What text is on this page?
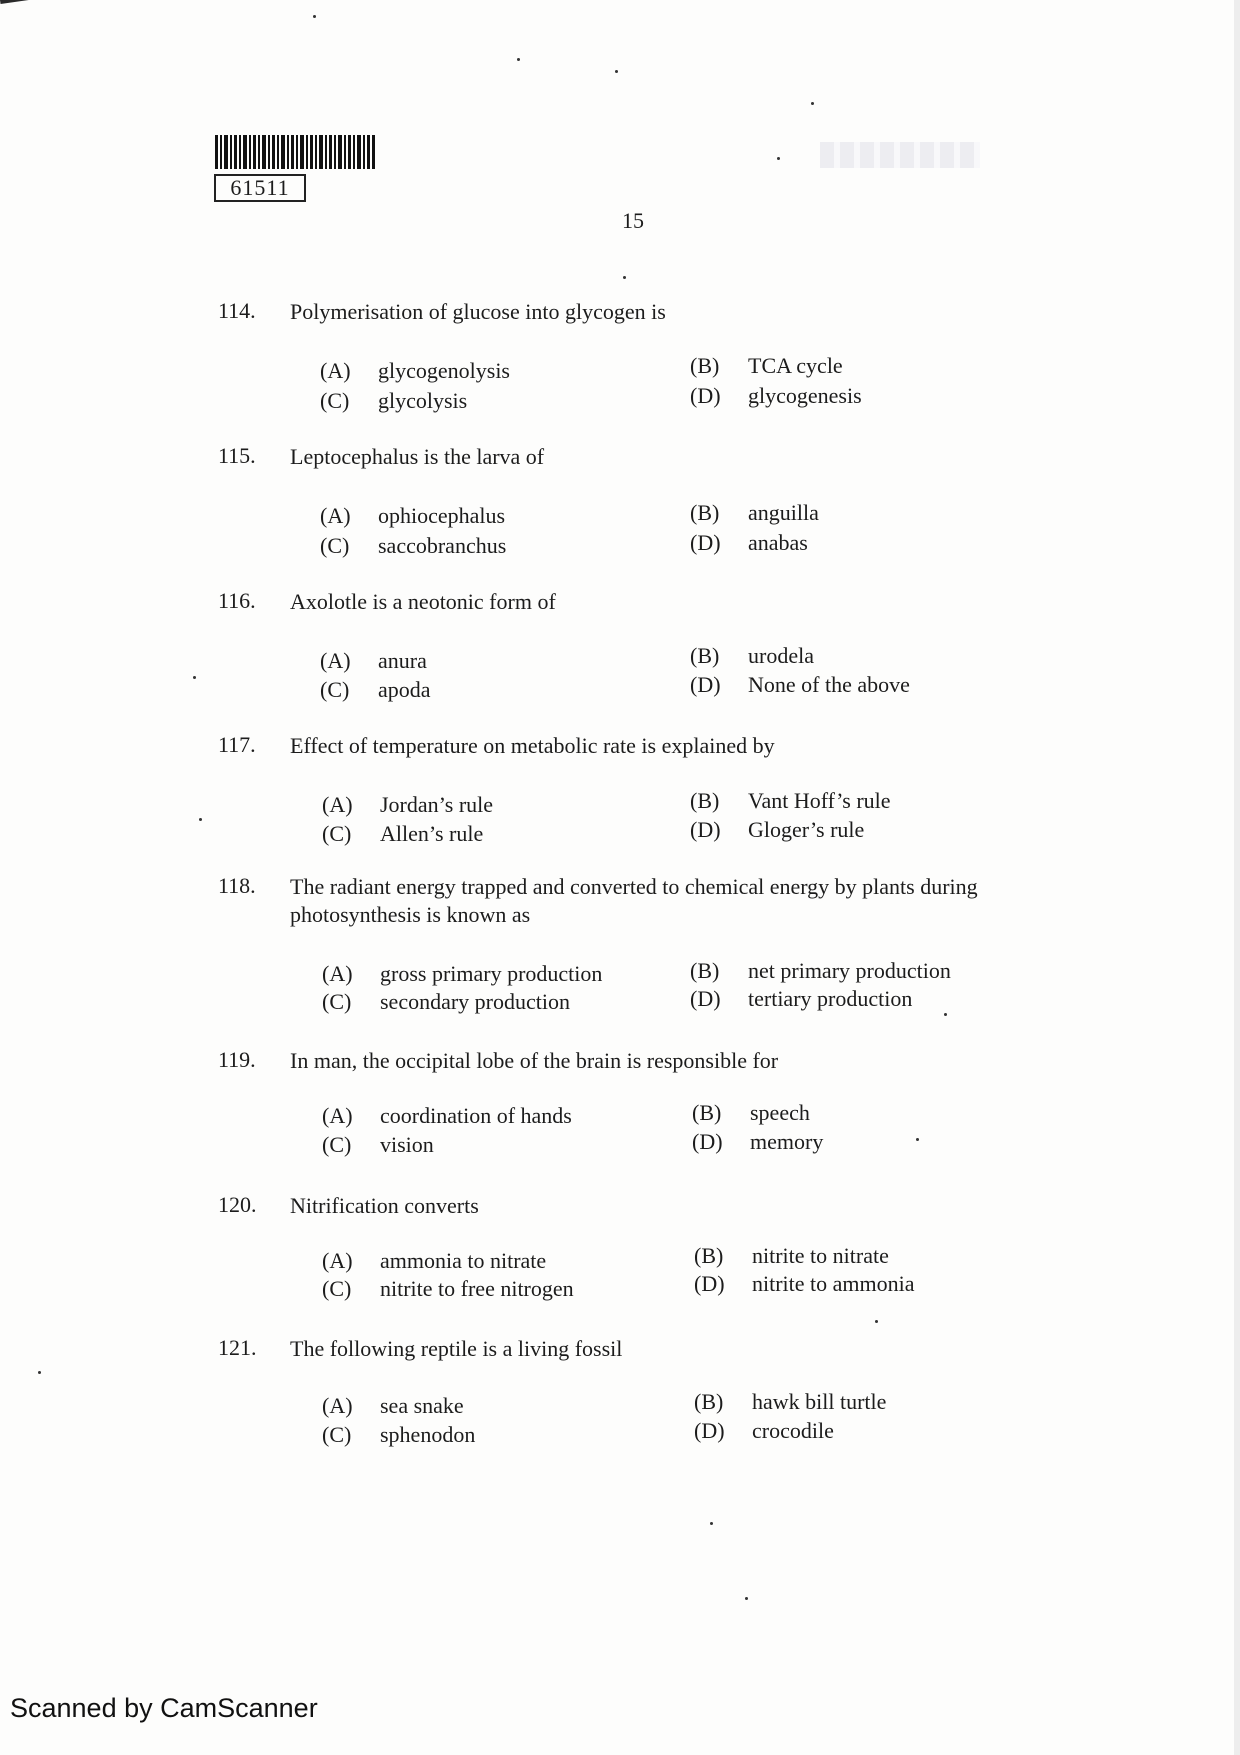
61511
15
114. Polymerisation of glucose into glycogen is
(A) glycogenolysis	(B) TCA cycle
(C) glycolysis	(D) glycogenesis
115. Leptocephalus is the larva of
(A) ophiocephalus	(B) anguilla
(C) saccobranchus	(D) anabas
116. Axolotle is a neotonic form of
(A) anura	(B) urodela
(C) apoda	(D) None of the above
117. Effect of temperature on metabolic rate is explained by
(A) Jordan’s rule	(B) Vant Hoff’s rule
(C) Allen’s rule	(D) Gloger’s rule
118. The radiant energy trapped and converted to chemical energy by plants during photosynthesis is known as
(A) gross primary production	(B) net primary production
(C) secondary production	(D) tertiary production
119. In man, the occipital lobe of the brain is responsible for
(A) coordination of hands	(B) speech
(C) vision	(D) memory
120. Nitrification converts
(A) ammonia to nitrate	(B) nitrite to nitrate
(C) nitrite to free nitrogen	(D) nitrite to ammonia
121. The following reptile is a living fossil
(A) sea snake	(B) hawk bill turtle
(C) sphenodon	(D) crocodile
Scanned by CamScanner
